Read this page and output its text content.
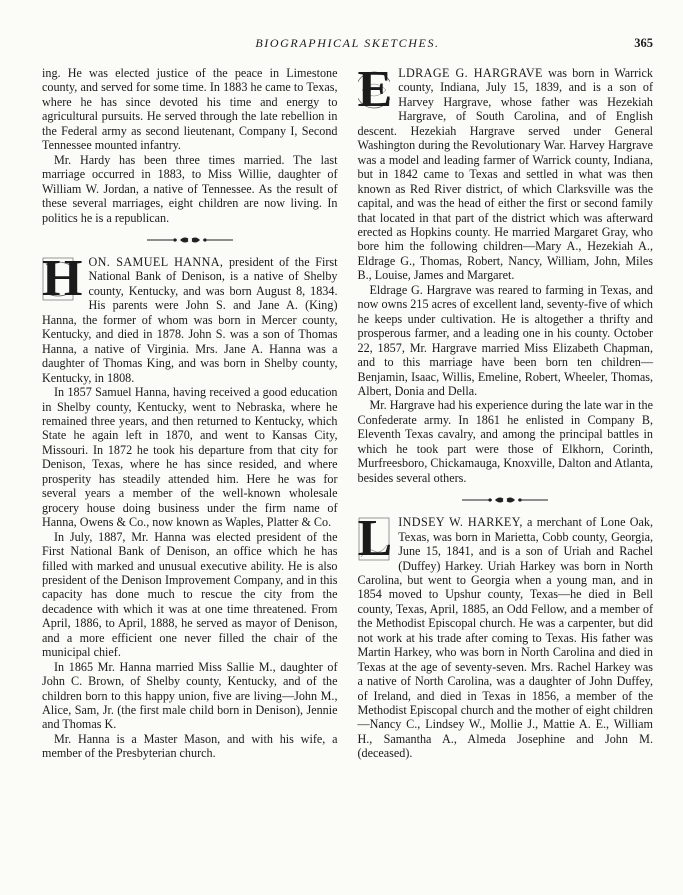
BIOGRAPHICAL SKETCHES.	365

ing. He was elected justice of the peace in Limestone county, and served for some time. In 1883 he came to Texas, where he has since devoted his time and energy to agricultural pursuits. He served through the late rebellion in the Federal army as second lieutenant, Company I, Second Tennessee mounted infantry.

Mr. Hardy has been three times married. The last marriage occurred in 1883, to Miss Willie, daughter of William W. Jordan, a native of Tennessee. As the result of these several marriages, eight children are now living. In politics he is a republican.

H ON. SAMUEL HANNA, president of the First National Bank of Denison, is a native of Shelby county, Kentucky, and was born August 8, 1834. His parents were John S. and Jane A. (King) Hanna, the former of whom was born in Mercer county, Kentucky, and died in 1878. John S. was a son of Thomas Hanna, a native of Virginia. Mrs. Jane A. Hanna was a daughter of Thomas King, and was born in Shelby county, Kentucky, in 1808.

In 1857 Samuel Hanna, having received a good education in Shelby county, Kentucky, went to Nebraska, where he remained three years, and then returned to Kentucky, which State he again left in 1870, and went to Kansas City, Missouri. In 1872 he took his departure from that city for Denison, Texas, where he has since resided, and where prosperity has steadily attended him. Here he was for several years a member of the well-known wholesale grocery house doing business under the firm name of Hanna, Owens & Co., now known as Waples, Platter & Co.

In July, 1887, Mr. Hanna was elected president of the First National Bank of Denison, an office which he has filled with marked and unusual executive ability. He is also president of the Denison Improvement Company, and in this capacity has done much to rescue the city from the decadence with which it was at one time threatened. From April, 1886, to April, 1888, he served as mayor of Denison, and a more efficient one never filled the chair of the municipal chief.

In 1865 Mr. Hanna married Miss Sallie M., daughter of John C. Brown, of Shelby county, Kentucky, and of the children born to this happy union, five are living—John M., Alice, Sam, Jr. (the first male child born in Denison), Jennie and Thomas K.

Mr. Hanna is a Master Mason, and with his wife, a member of the Presbyterian church.

E LDRAGE G. HARGRAVE was born in Warrick county, Indiana, July 15, 1839, and is a son of Harvey Hargrave, whose father was Hezekiah Hargrave, of South Carolina, and of English descent. Hezekiah Hargrave served under General Washington during the Revolutionary War. Harvey Hargrave was a model and leading farmer of Warrick county, Indiana, but in 1842 came to Texas and settled in what was then known as Red River district, of which Clarksville was the capital, and was the head of either the first or second family that located in that part of the district which was afterward erected as Hopkins county. He married Margaret Gray, who bore him the following children—Mary A., Hezekiah A., Eldrage G., Thomas, Robert, Nancy, William, John, Miles B., Louise, James and Margaret.

Eldrage G. Hargrave was reared to farming in Texas, and now owns 215 acres of excellent land, seventy-five of which he keeps under cultivation. He is altogether a thrifty and prosperous farmer, and a leading one in his county. October 22, 1857, Mr. Hargrave married Miss Elizabeth Chapman, and to this marriage have been born ten children—Benjamin, Isaac, Willis, Emeline, Robert, Wheeler, Thomas, Albert, Donia and Della.

Mr. Hargrave had his experience during the late war in the Confederate army. In 1861 he enlisted in Company B, Eleventh Texas cavalry, and among the principal battles in which he took part were those of Elkhorn, Corinth, Murfreesboro, Chickamauga, Knoxville, Dalton and Atlanta, besides several others.

L INDSEY W. HARKEY, a merchant of Lone Oak, Texas, was born in Marietta, Cobb county, Georgia, June 15, 1841, and is a son of Uriah and Rachel (Duffey) Harkey. Uriah Harkey was born in North Carolina, but went to Georgia when a young man, and in 1854 moved to Upshur county, Texas—he died in Bell county, Texas, April, 1885, an Odd Fellow, and a member of the Methodist Episcopal church. He was a carpenter, but did not work at his trade after coming to Texas. His father was Martin Harkey, who was born in North Carolina and died in Texas at the age of seventy-seven. Mrs. Rachel Harkey was a native of North Carolina, was a daughter of John Duffey, of Ireland, and died in Texas in 1856, a member of the Methodist Episcopal church and the mother of eight children—Nancy C., Lindsey W., Mollie J., Mattie A. E., William H., Samantha A., Almeda Josephine and John M. (deceased).
